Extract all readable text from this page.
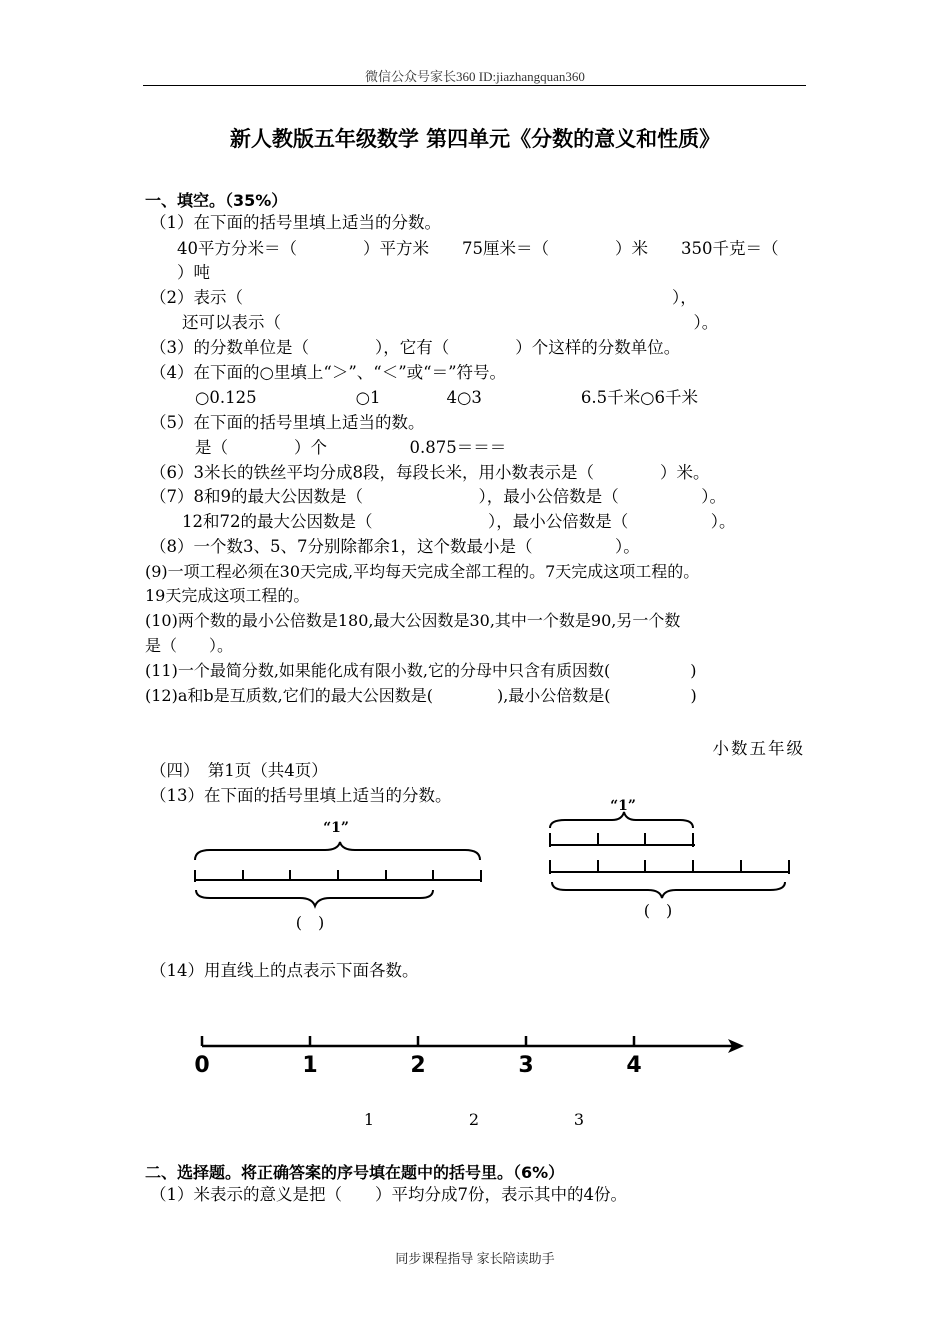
微信公众号家长360 ID:jiazhangquan360
新人教版五年级数学 第四单元《分数的意义和性质》
一、填空。（35%）
（1）在下面的括号里填上适当的分数。
40平方分米＝（　　　　）平方米　　75厘米＝（　　　　）米　　350千克＝（
）吨
（2）表示（　　　　　　　　　　　　　　　　　　　　　　　　　　），
还可以表示（　　　　　　　　　　　　　　　　　　　　　　　　　）。
（3）的分数单位是（　　　　），它有（　　　　）个这样的分数单位。
（4）在下面的○里填上“＞”、“＜”或“＝”符号。
○0.125　　　　　　○1　　　　4○3　　　　　　6.5千米○6千米
（5）在下面的括号里填上适当的数。
是（　　　　）个　　　　　0.875＝＝＝
（6）3米长的铁丝平均分成8段，每段长米，用小数表示是（　　　　）米。
（7）8和9的最大公因数是（　　　　　　　），最小公倍数是（　　　　　）。
12和72的最大公因数是（　　　　　　　），最小公倍数是（　　　　　）。
（8）一个数3、5、7分别除都余1，这个数最小是（　　　　　）。
(9)一项工程必须在30天完成,平均每天完成全部工程的。7天完成这项工程的。
19天完成这项工程的。
(10)两个数的最小公倍数是180,最大公因数是30,其中一个数是90,另一个数
是（　　）。
(11)一个最简分数,如果能化成有限小数,它的分母中只含有质因数(　　　　　)
(12)a和b是互质数,它们的最大公因数是(　　　　),最小公倍数是(　　　　　)
小数五年级
（四）　第1页（共4页）
（13）在下面的括号里填上适当的分数。
“1”
“1”
(　)
(　)
0	1	2	3	4
1	2	3
（14）用直线上的点表示下面各数。
二、选择题。将正确答案的序号填在题中的括号里。（6%）
（1）米表示的意义是把（　　）平均分成7份，表示其中的4份。
同步课程指导 家长陪读助手
